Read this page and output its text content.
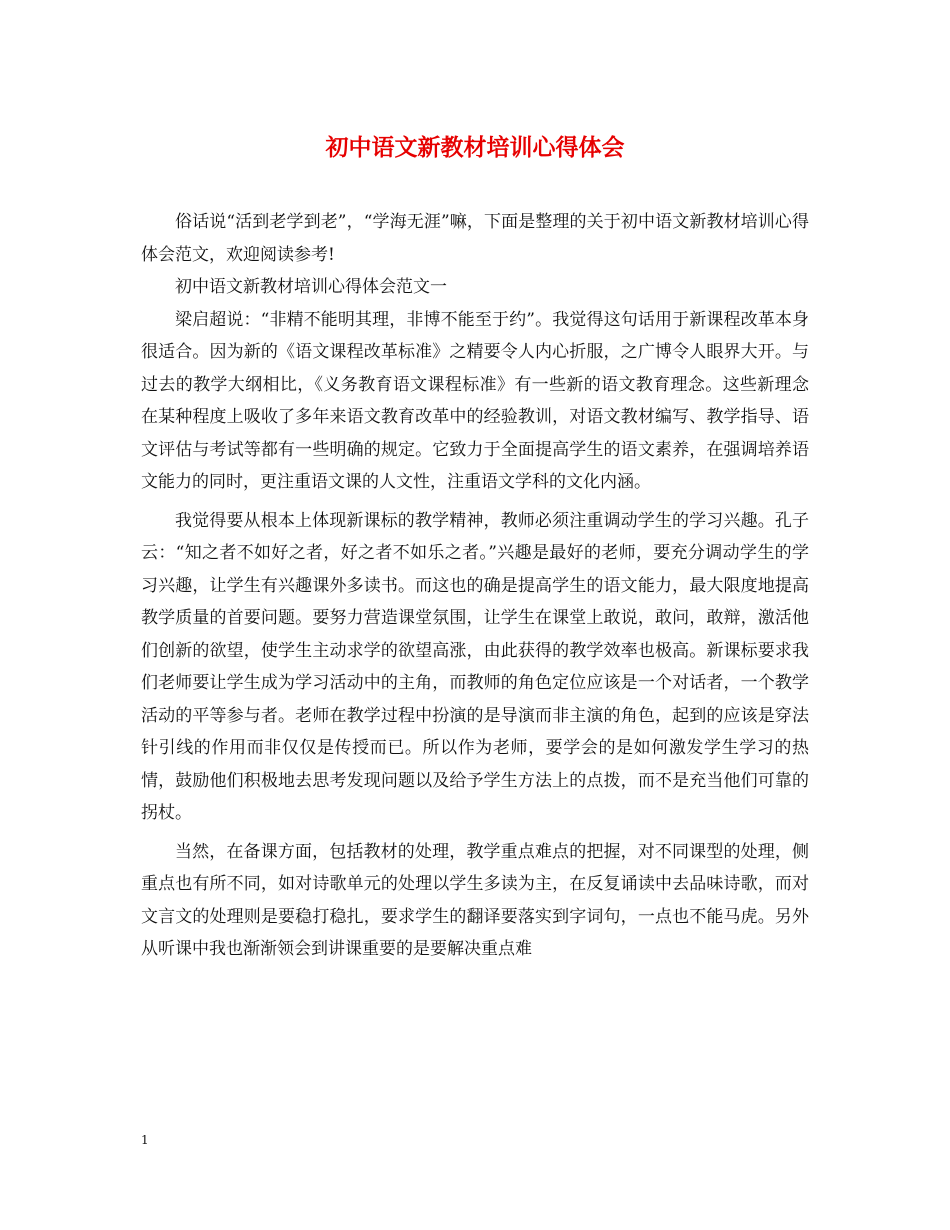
初中语文新教材培训心得体会

俗话说“活到老学到老”，“学海无涯”嘛，下面是整理的关于初中语文新教材培训心得体会范文，欢迎阅读参考!

初中语文新教材培训心得体会范文一

梁启超说：“非精不能明其理，非博不能至于约”。我觉得这句话用于新课程改革本身很适合。因为新的《语文课程改革标准》之精要令人内心折服，之广博令人眼界大开。与过去的教学大纲相比，《义务教育语文课程标准》有一些新的语文教育理念。这些新理念在某种程度上吸收了多年来语文教育改革中的经验教训，对语文教材编写、教学指导、语文评估与考试等都有一些明确的规定。它致力于全面提高学生的语文素养，在强调培养语文能力的同时，更注重语文课的人文性，注重语文学科的文化内涵。

我觉得要从根本上体现新课标的教学精神，教师必须注重调动学生的学习兴趣。孔子云：“知之者不如好之者，好之者不如乐之者。”兴趣是最好的老师，要充分调动学生的学习兴趣，让学生有兴趣课外多读书。而这也的确是提高学生的语文能力，最大限度地提高教学质量的首要问题。要努力营造课堂氛围，让学生在课堂上敢说，敢问，敢辩，激活他们创新的欲望，使学生主动求学的欲望高涨，由此获得的教学效率也极高。新课标要求我们老师要让学生成为学习活动中的主角，而教师的角色定位应该是一个对话者，一个教学活动的平等参与者。老师在教学过程中扮演的是导演而非主演的角色，起到的应该是穿法针引线的作用而非仅仅是传授而已。所以作为老师，要学会的是如何激发学生学习的热情，鼓励他们积极地去思考发现问题以及给予学生方法上的点拨，而不是充当他们可靠的拐杖。

当然，在备课方面，包括教材的处理，教学重点难点的把握，对不同课型的处理，侧重点也有所不同，如对诗歌单元的处理以学生多读为主，在反复诵读中去品味诗歌，而对文言文的处理则是要稳打稳扎，要求学生的翻译要落实到字词句，一点也不能马虎。另外从听课中我也渐渐领会到讲课重要的是要解决重点难

1
